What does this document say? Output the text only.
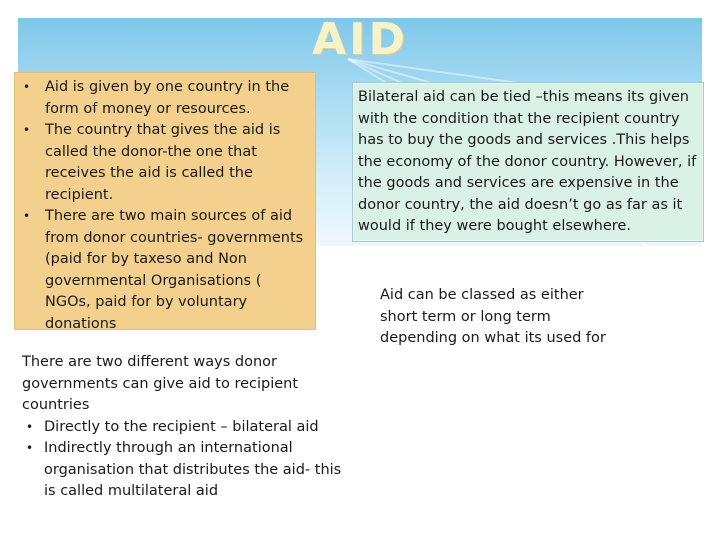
AID
• Aid is given by one country in the form of money or resources.
• The country that gives the aid is called the donor-the one that receives the aid is called the recipient.
• There are two main sources of aid from donor countries- governments (paid for by taxeso and Non governmental Organisations ( NGOs, paid for by voluntary donations

Bilateral aid can be tied –this means its given with the condition that the recipient country has to buy the goods and services .This helps the economy of the donor country. However, if the goods and services are expensive in the donor country, the aid doesn’t go as far as it would if they were bought elsewhere.

There are two different ways donor governments can give aid to recipient countries

• Directly to the recipient – bilateral aid
• Indirectly through an international organisation that distributes the aid- this is called multilateral aid

Aid can be classed as either short term or long term depending on what its used for
